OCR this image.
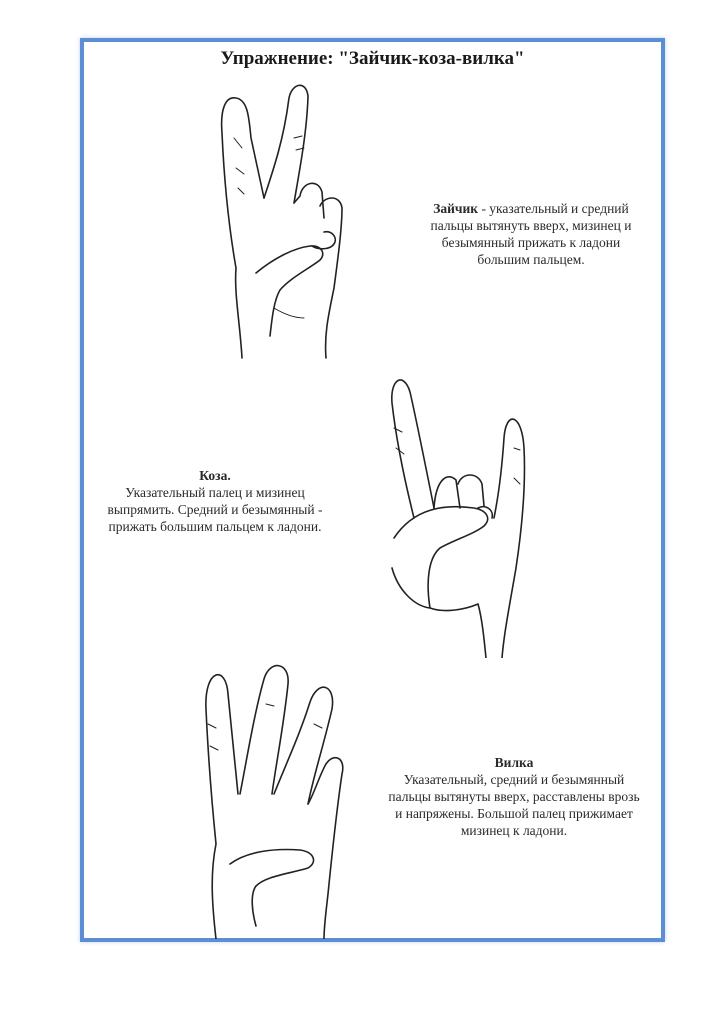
Упражнение: "Зайчик-коза-вилка"
Зайчик - указательный и средний
пальцы вытянуть вверх, мизинец и
безымянный прижать к ладони
большим пальцем.
Коза.
Указательный палец и мизинец
выпрямить. Средний и безымянный -
прижать большим пальцем к ладони.
Вилка
Указательный, средний и безымянный
пальцы вытянуты вверх, расставлены врозь
и напряжены. Большой палец прижимает
мизинец к ладони.
